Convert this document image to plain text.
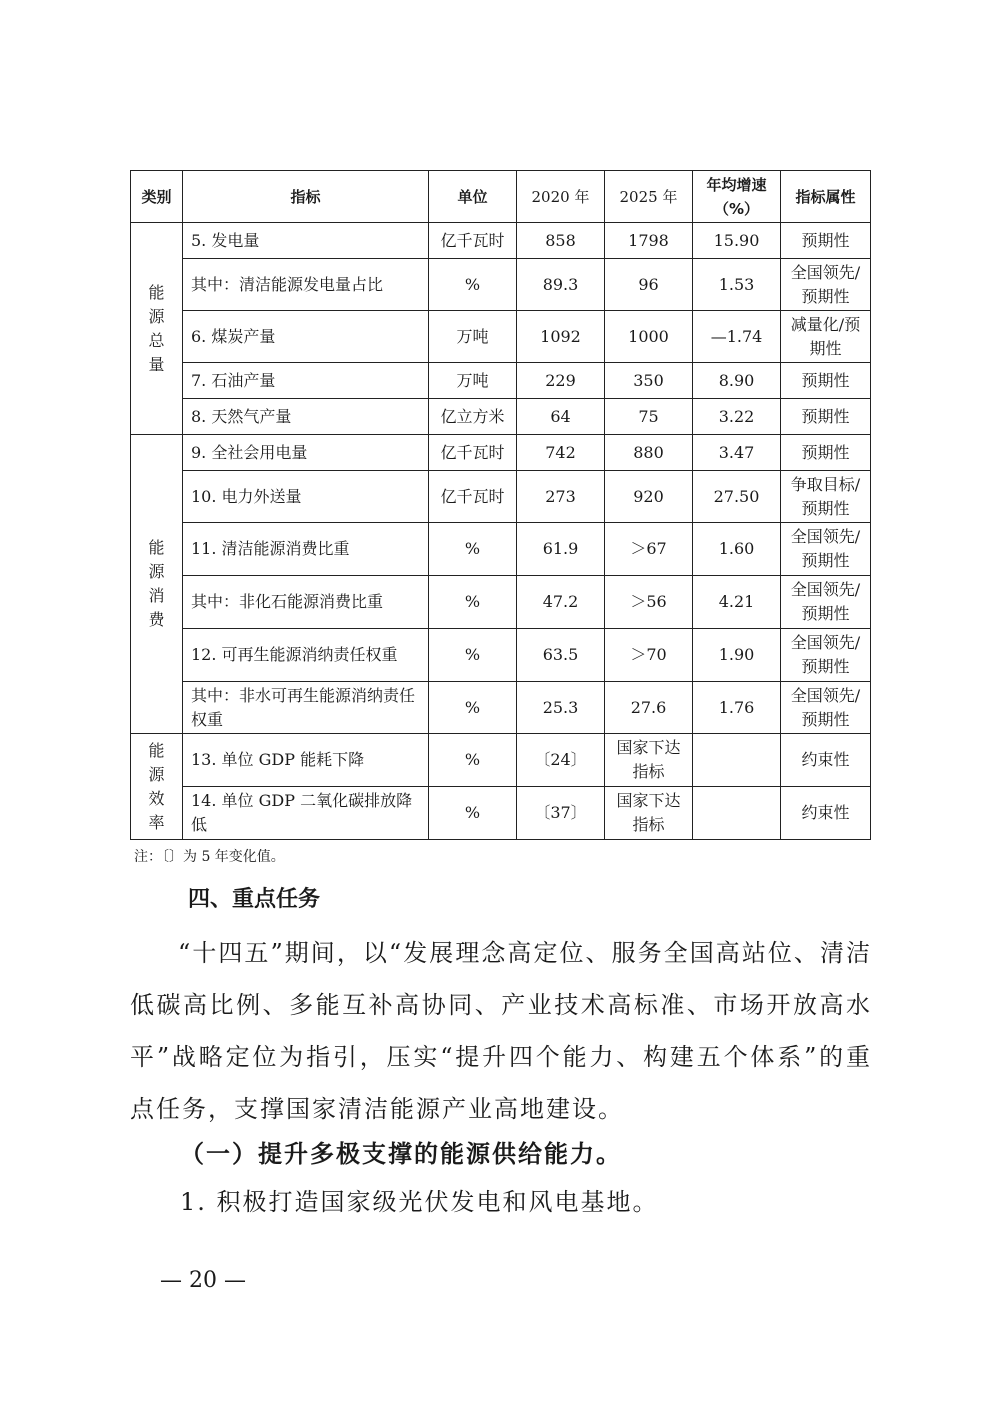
类别	指标	单位	2020 年	2025 年	年均增速（%）	指标属性
能源总量	5. 发电量	亿千瓦时	858	1798	15.90	预期性
	其中：清洁能源发电量占比	%	89.3	96	1.53	全国领先/预期性
	6. 煤炭产量	万吨	1092	1000	—1.74	减量化/预期性
	7. 石油产量	万吨	229	350	8.90	预期性
	8. 天然气产量	亿立方米	64	75	3.22	预期性
能源消费	9. 全社会用电量	亿千瓦时	742	880	3.47	预期性
	10. 电力外送量	亿千瓦时	273	920	27.50	争取目标/预期性
	11. 清洁能源消费比重	%	61.9	＞67	1.60	全国领先/预期性
	其中：非化石能源消费比重	%	47.2	＞56	4.21	全国领先/预期性
	12. 可再生能源消纳责任权重	%	63.5	＞70	1.90	全国领先/预期性
	其中：非水可再生能源消纳责任权重	%	25.3	27.6	1.76	全国领先/预期性
能源效率	13. 单位 GDP 能耗下降	%	〔24〕	国家下达指标		约束性
	14. 单位 GDP 二氧化碳排放降低	%	〔37〕	国家下达指标		约束性
注：〔〕为 5 年变化值。
四、重点任务

“十四五”期间，以“发展理念高定位、服务全国高站位、清洁低碳高比例、多能互补高协同、产业技术高标准、市场开放高水平”战略定位为指引，压实“提升四个能力、构建五个体系”的重点任务，支撑国家清洁能源产业高地建设。

（一）提升多极支撑的能源供给能力。
1. 积极打造国家级光伏发电和风电基地。
— 20 —
